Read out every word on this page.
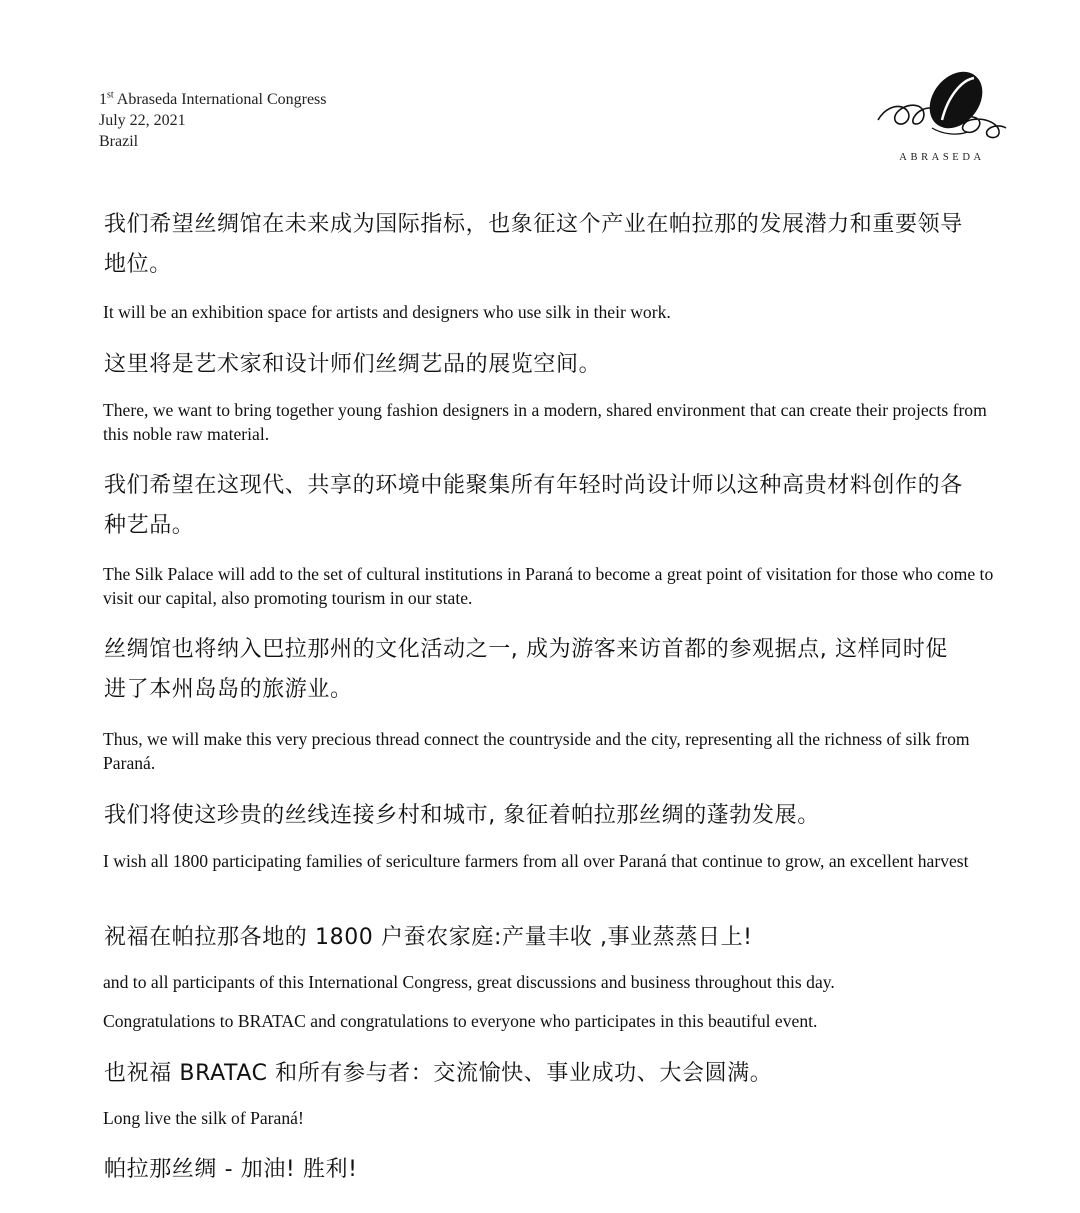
1st Abraseda International Congress
July 22, 2021
Brazil
ABRASEDA
我们希望丝绸馆在未来成为国际指标，也象征这个产业在帕拉那的发展潜力和重要领导地位。
It will be an exhibition space for artists and designers who use silk in their work.
这里将是艺术家和设计师们丝绸艺品的展览空间。
There, we want to bring together young fashion designers in a modern, shared environment that can create their projects from this noble raw material.
我们希望在这现代、共享的环境中能聚集所有年轻时尚设计师以这种高贵材料创作的各种艺品。
The Silk Palace will add to the set of cultural institutions in Paraná to become a great point of visitation for those who come to visit our capital, also promoting tourism in our state.
丝绸馆也将纳入巴拉那州的文化活动之一, 成为游客来访首都的参观据点, 这样同时促进了本州岛岛的旅游业。
Thus, we will make this very precious thread connect the countryside and the city, representing all the richness of silk from Paraná.
我们将使这珍贵的丝线连接乡村和城市, 象征着帕拉那丝绸的蓬勃发展。
I wish all 1800 participating families of sericulture farmers from all over Paraná that continue to grow, an excellent harvest
祝福在帕拉那各地的 1800 户蚕农家庭:产量丰收 ,事业蒸蒸日上!
and to all participants of this International Congress, great discussions and business throughout this day.
Congratulations to BRATAC and congratulations to everyone who participates in this beautiful event.
也祝福 BRATAC 和所有参与者：交流愉快、事业成功、大会圆满。
Long live the silk of Paraná!
帕拉那丝绸 - 加油! 胜利!
